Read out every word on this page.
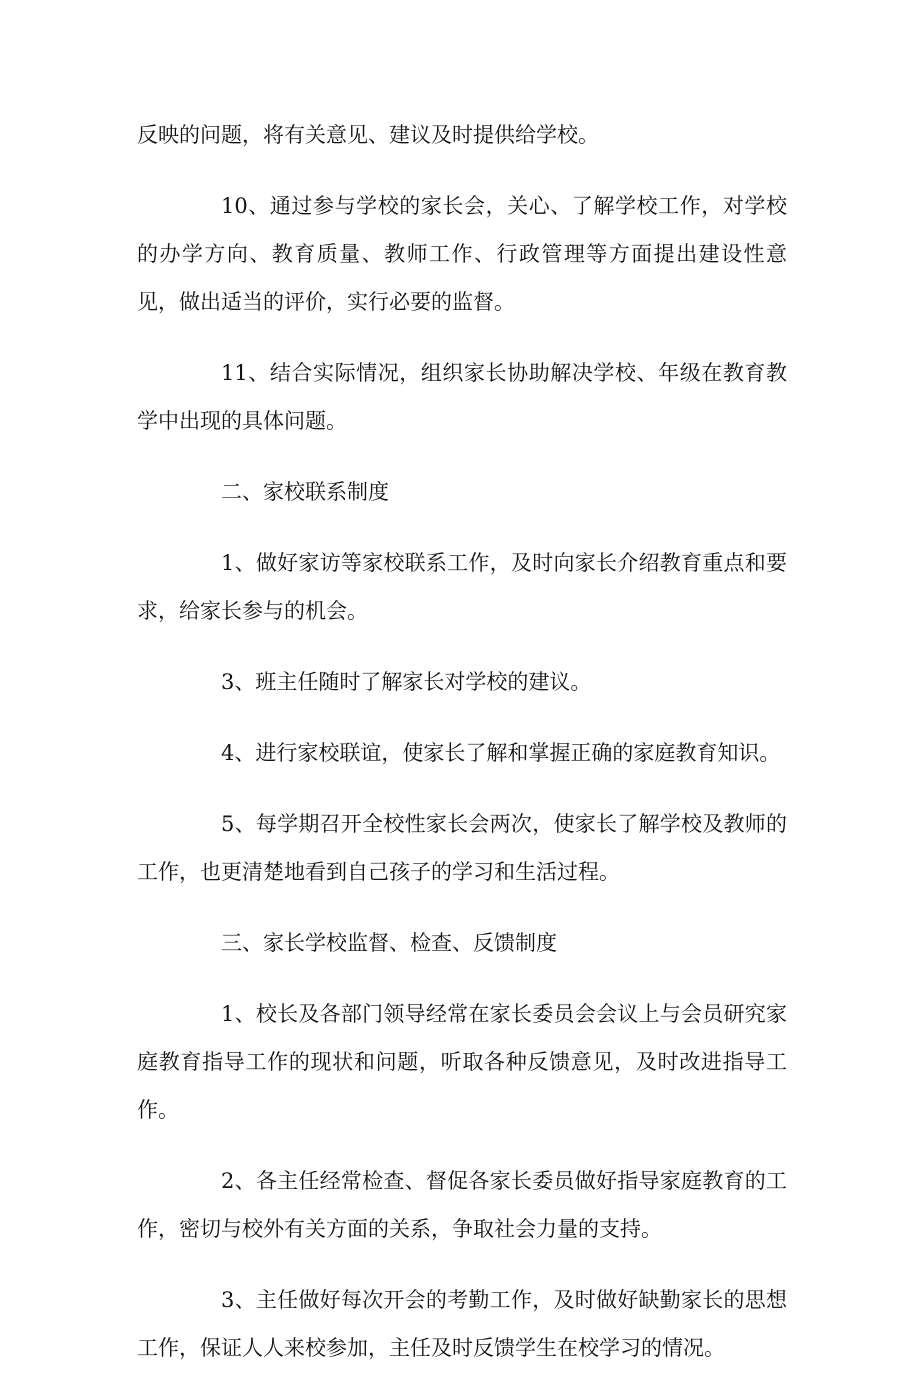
反映的问题，将有关意见、建议及时提供给学校。

10、通过参与学校的家长会，关心、了解学校工作，对学校的办学方向、教育质量、教师工作、行政管理等方面提出建设性意见，做出适当的评价，实行必要的监督。

11、结合实际情况，组织家长协助解决学校、年级在教育教学中出现的具体问题。

二、家校联系制度

1、做好家访等家校联系工作，及时向家长介绍教育重点和要求，给家长参与的机会。

3、班主任随时了解家长对学校的建议。

4、进行家校联谊，使家长了解和掌握正确的家庭教育知识。

5、每学期召开全校性家长会两次，使家长了解学校及教师的工作，也更清楚地看到自己孩子的学习和生活过程。

三、家长学校监督、检查、反馈制度

1、校长及各部门领导经常在家长委员会会议上与会员研究家庭教育指导工作的现状和问题，听取各种反馈意见，及时改进指导工作。

2、各主任经常检查、督促各家长委员做好指导家庭教育的工作，密切与校外有关方面的关系，争取社会力量的支持。

3、主任做好每次开会的考勤工作，及时做好缺勤家长的思想工作，保证人人来校参加，主任及时反馈学生在校学习的情况。
